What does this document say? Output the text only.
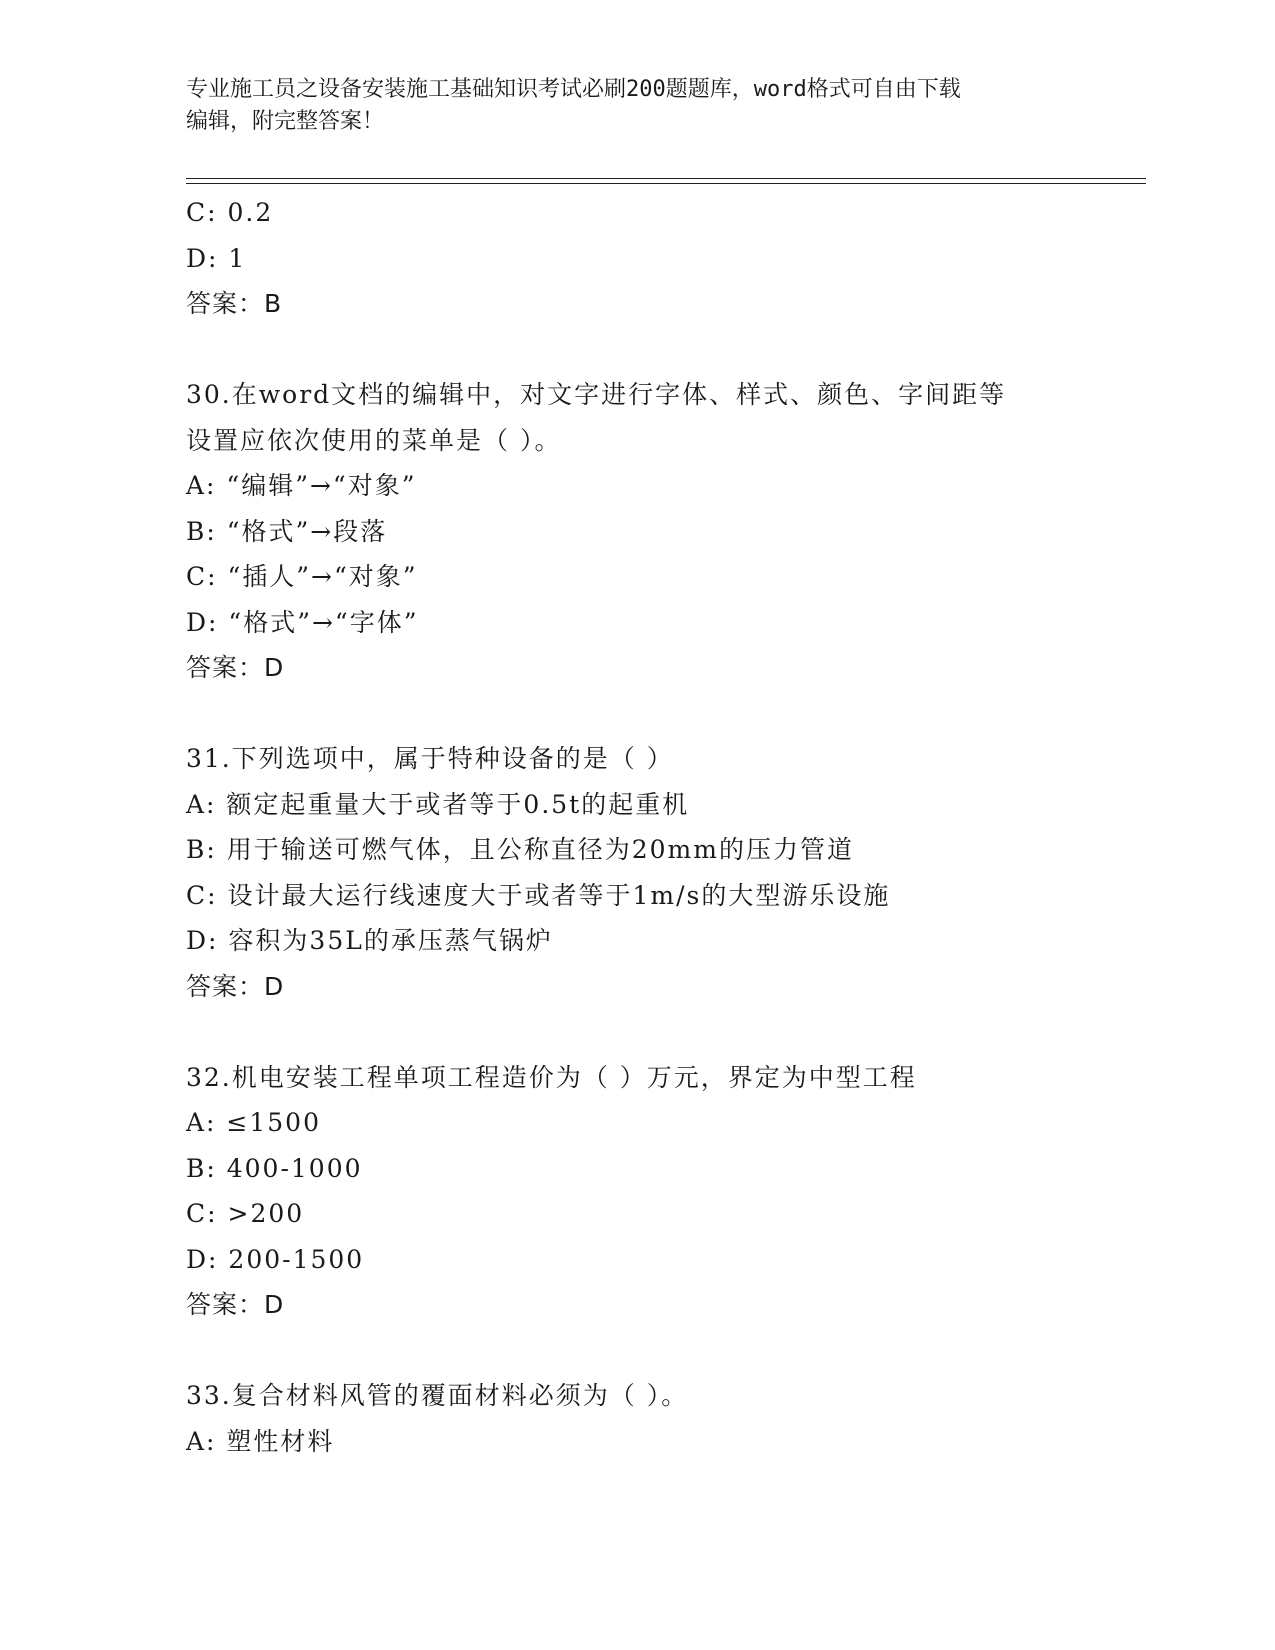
专业施工员之设备安装施工基础知识考试必刷200题题库，word格式可自由下载
编辑，附完整答案！
C: 0.2
D: 1
答案：B
30.在word文档的编辑中，对文字进行字体、样式、颜色、字间距等
设置应依次使用的菜单是（ ）。
A: “编辑”→“对象”
B: “格式”→段落
C: “插人”→“对象”
D: “格式”→“字体”
答案：D
31.下列选项中，属于特种设备的是（ ）
A: 额定起重量大于或者等于0.5t的起重机
B: 用于输送可燃气体，且公称直径为20mm的压力管道
C: 设计最大运行线速度大于或者等于1m/s的大型游乐设施
D: 容积为35L的承压蒸气锅炉
答案：D
32.机电安装工程单项工程造价为（ ）万元，界定为中型工程
A: ≤1500
B: 400-1000
C: >200
D: 200-1500
答案：D
33.复合材料风管的覆面材料必须为（ ）。
A: 塑性材料
